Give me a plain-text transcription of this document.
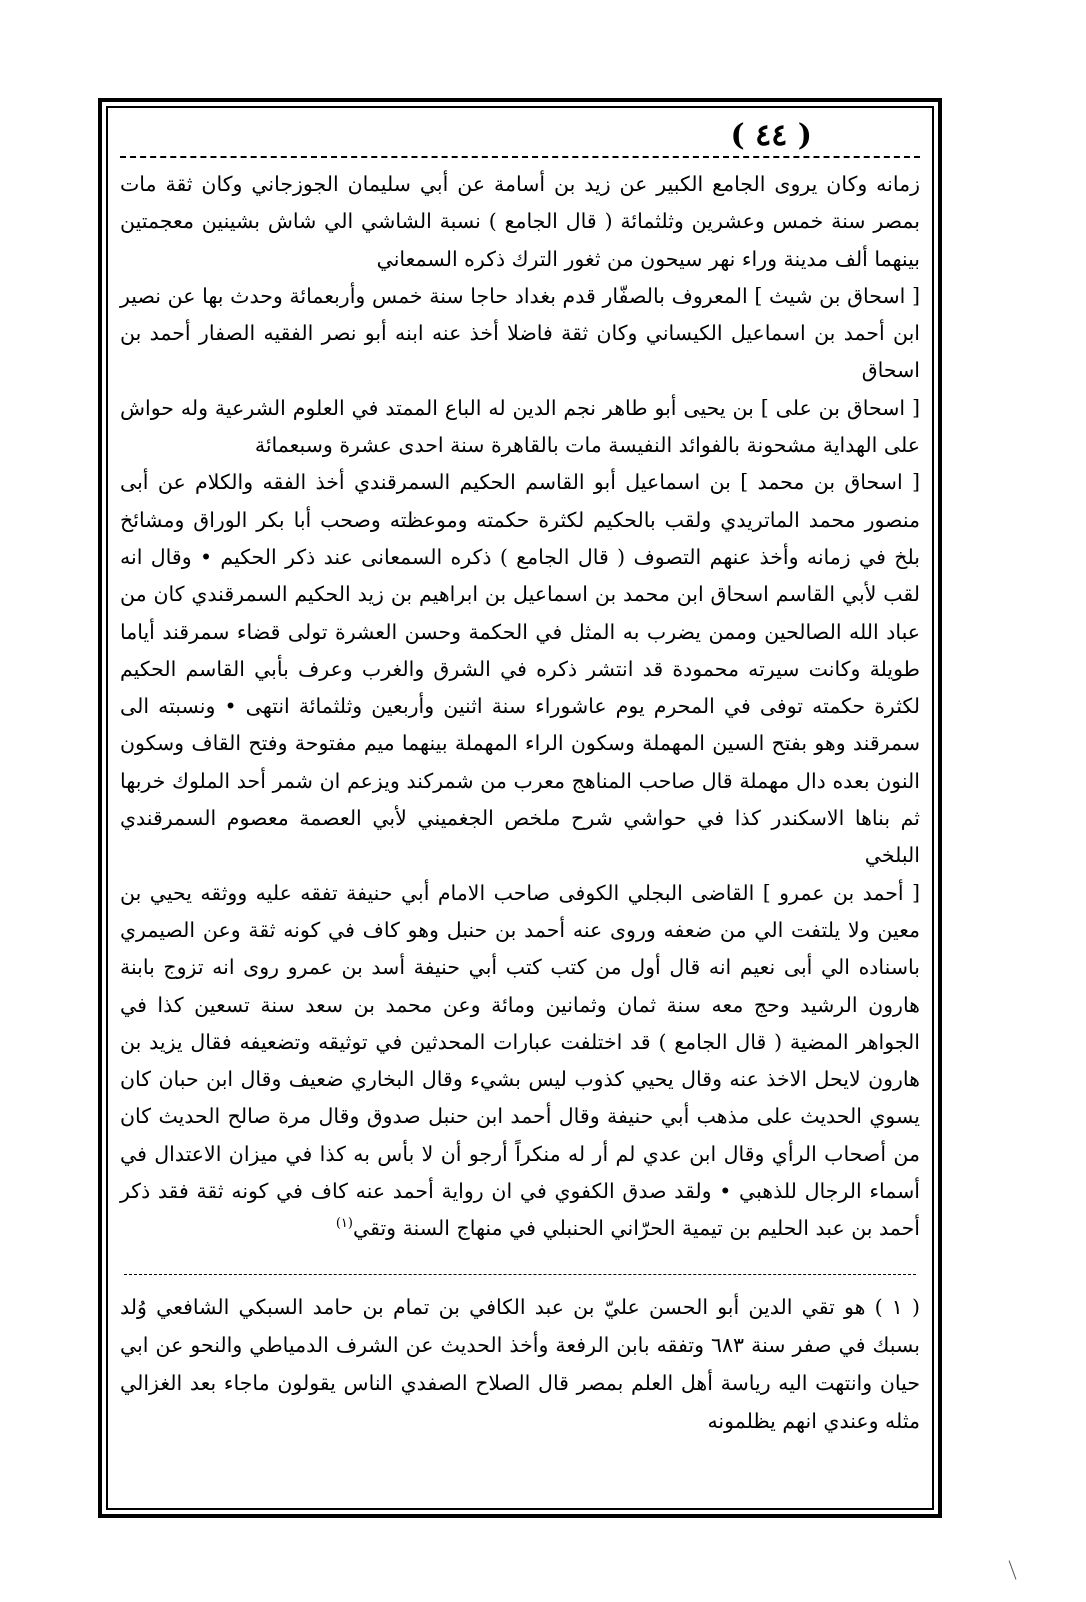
( ٤٤ )

زمانه وكان يروى الجامع الكبير عن زيد بن أسامة عن أبي سليمان الجوزجاني وكان ثقة مات بمصر سنة خمس وعشرين وثلثمائة ( قال الجامع ) نسبة الشاشي الي شاش بشينين معجمتين بينهما ألف مدينة وراء نهر سيحون من ثغور الترك ذكره السمعاني

[ اسحاق بن شيث ] المعروف بالصفّار قدم بغداد حاجا سنة خمس وأربعمائة وحدث بها عن نصير ابن أحمد بن اسماعيل الكيساني وكان ثقة فاضلا أخذ عنه ابنه أبو نصر الفقيه الصفار أحمد بن اسحاق

[ اسحاق بن على ] بن يحيى أبو طاهر نجم الدين له الباع الممتد في العلوم الشرعية وله حواش على الهداية مشحونة بالفوائد النفيسة مات بالقاهرة سنة احدى عشرة وسبعمائة

[ اسحاق بن محمد ] بن اسماعيل أبو القاسم الحكيم السمرقندي أخذ الفقه والكلام عن أبى منصور محمد الماتريدي ولقب بالحكيم لكثرة حكمته وموعظته وصحب أبا بكر الوراق ومشائخ بلخ في زمانه وأخذ عنهم التصوف ( قال الجامع ) ذكره السمعانى عند ذكر الحكيم • وقال انه لقب لأبي القاسم اسحاق ابن محمد بن اسماعيل بن ابراهيم بن زيد الحكيم السمرقندي كان من عباد الله الصالحين وممن يضرب به المثل في الحكمة وحسن العشرة تولى قضاء سمرقند أياما طويلة وكانت سيرته محمودة قد انتشر ذكره في الشرق والغرب وعرف بأبي القاسم الحكيم لكثرة حكمته توفى في المحرم يوم عاشوراء سنة اثنين وأربعين وثلثمائة انتهى • ونسبته الى سمرقند وهو بفتح السين المهملة وسكون الراء المهملة بينهما ميم مفتوحة وفتح القاف وسكون النون بعده دال مهملة قال صاحب المناهج معرب من شمركند ويزعم ان شمر أحد الملوك خربها ثم بناها الاسكندر كذا في حواشي شرح ملخص الجغميني لأبي العصمة معصوم السمرقندي البلخي

[ أحمد بن عمرو ] القاضى البجلي الكوفى صاحب الامام أبي حنيفة تفقه عليه ووثقه يحيي بن معين ولا يلتفت الي من ضعفه وروى عنه أحمد بن حنبل وهو كاف في كونه ثقة وعن الصيمري باسناده الي أبى نعيم انه قال أول من كتب كتب أبي حنيفة أسد بن عمرو روى انه تزوج بابنة هارون الرشيد وحج معه سنة ثمان وثمانين ومائة وعن محمد بن سعد سنة تسعين كذا في الجواهر المضية ( قال الجامع ) قد اختلفت عبارات المحدثين في توثيقه وتضعيفه فقال يزيد بن هارون لايحل الاخذ عنه وقال يحيي كذوب ليس بشيء وقال البخاري ضعيف وقال ابن حبان كان يسوي الحديث على مذهب أبي حنيفة وقال أحمد ابن حنبل صدوق وقال مرة صالح الحديث كان من أصحاب الرأي وقال ابن عدي لم أر له منكراً أرجو أن لا بأس به كذا في ميزان الاعتدال في أسماء الرجال للذهبي • ولقد صدق الكفوي في ان رواية أحمد عنه كاف في كونه ثقة فقد ذكر أحمد بن عبد الحليم بن تيمية الحرّاني الحنبلي في منهاج السنة وتقي$^{(١)}$

( ١ ) هو تقي الدين أبو الحسن عليّ بن عبد الكافي بن تمام بن حامد السبكي الشافعي وُلد بسبك في صفر سنة ٦٨٣ وتفقه بابن الرفعة وأخذ الحديث عن الشرف الدمياطي والنحو عن ابي حيان وانتهت اليه رياسة أهل العلم بمصر قال الصلاح الصفدي الناس يقولون ماجاء بعد الغزالي مثله وعندي انهم يظلمونه
